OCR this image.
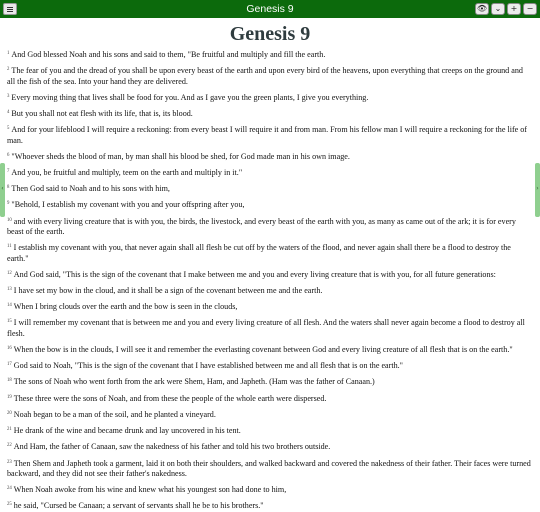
Genesis 9	👁 ⌄	+	−
‹	›
Genesis 9
$^1$ And God blessed Noah and his sons and said to them, "Be fruitful and multiply and fill the earth.
$^2$ The fear of you and the dread of you shall be upon every beast of the earth and upon every bird of the heavens, upon everything that creeps on the ground and all the fish of the sea. Into your hand they are delivered.
$^3$ Every moving thing that lives shall be food for you. And as I gave you the green plants, I give you everything.
$^4$ But you shall not eat flesh with its life, that is, its blood.
$^5$ And for your lifeblood I will require a reckoning: from every beast I will require it and from man. From his fellow man I will require a reckoning for the life of man.
$^6$ "Whoever sheds the blood of man, by man shall his blood be shed, for God made man in his own image.
$^7$ And you, be fruitful and multiply, teem on the earth and multiply in it."
$^8$ Then God said to Noah and to his sons with him,
$^9$ "Behold, I establish my covenant with you and your offspring after you,
$^{10}$ and with every living creature that is with you, the birds, the livestock, and every beast of the earth with you, as many as came out of the ark; it is for every beast of the earth.
$^{11}$ I establish my covenant with you, that never again shall all flesh be cut off by the waters of the flood, and never again shall there be a flood to destroy the earth."
$^{12}$ And God said, "This is the sign of the covenant that I make between me and you and every living creature that is with you, for all future generations:
$^{13}$ I have set my bow in the cloud, and it shall be a sign of the covenant between me and the earth.
$^{14}$ When I bring clouds over the earth and the bow is seen in the clouds,
$^{15}$ I will remember my covenant that is between me and you and every living creature of all flesh. And the waters shall never again become a flood to destroy all flesh.
$^{16}$ When the bow is in the clouds, I will see it and remember the everlasting covenant between God and every living creature of all flesh that is on the earth."
$^{17}$ God said to Noah, "This is the sign of the covenant that I have established between me and all flesh that is on the earth."
$^{18}$ The sons of Noah who went forth from the ark were Shem, Ham, and Japheth. (Ham was the father of Canaan.)
$^{19}$ These three were the sons of Noah, and from these the people of the whole earth were dispersed.
$^{20}$ Noah began to be a man of the soil, and he planted a vineyard.
$^{21}$ He drank of the wine and became drunk and lay uncovered in his tent.
$^{22}$ And Ham, the father of Canaan, saw the nakedness of his father and told his two brothers outside.
$^{23}$ Then Shem and Japheth took a garment, laid it on both their shoulders, and walked backward and covered the nakedness of their father. Their faces were turned backward, and they did not see their father's nakedness.
$^{24}$ When Noah awoke from his wine and knew what his youngest son had done to him,
$^{25}$ he said, "Cursed be Canaan; a servant of servants shall he be to his brothers."
